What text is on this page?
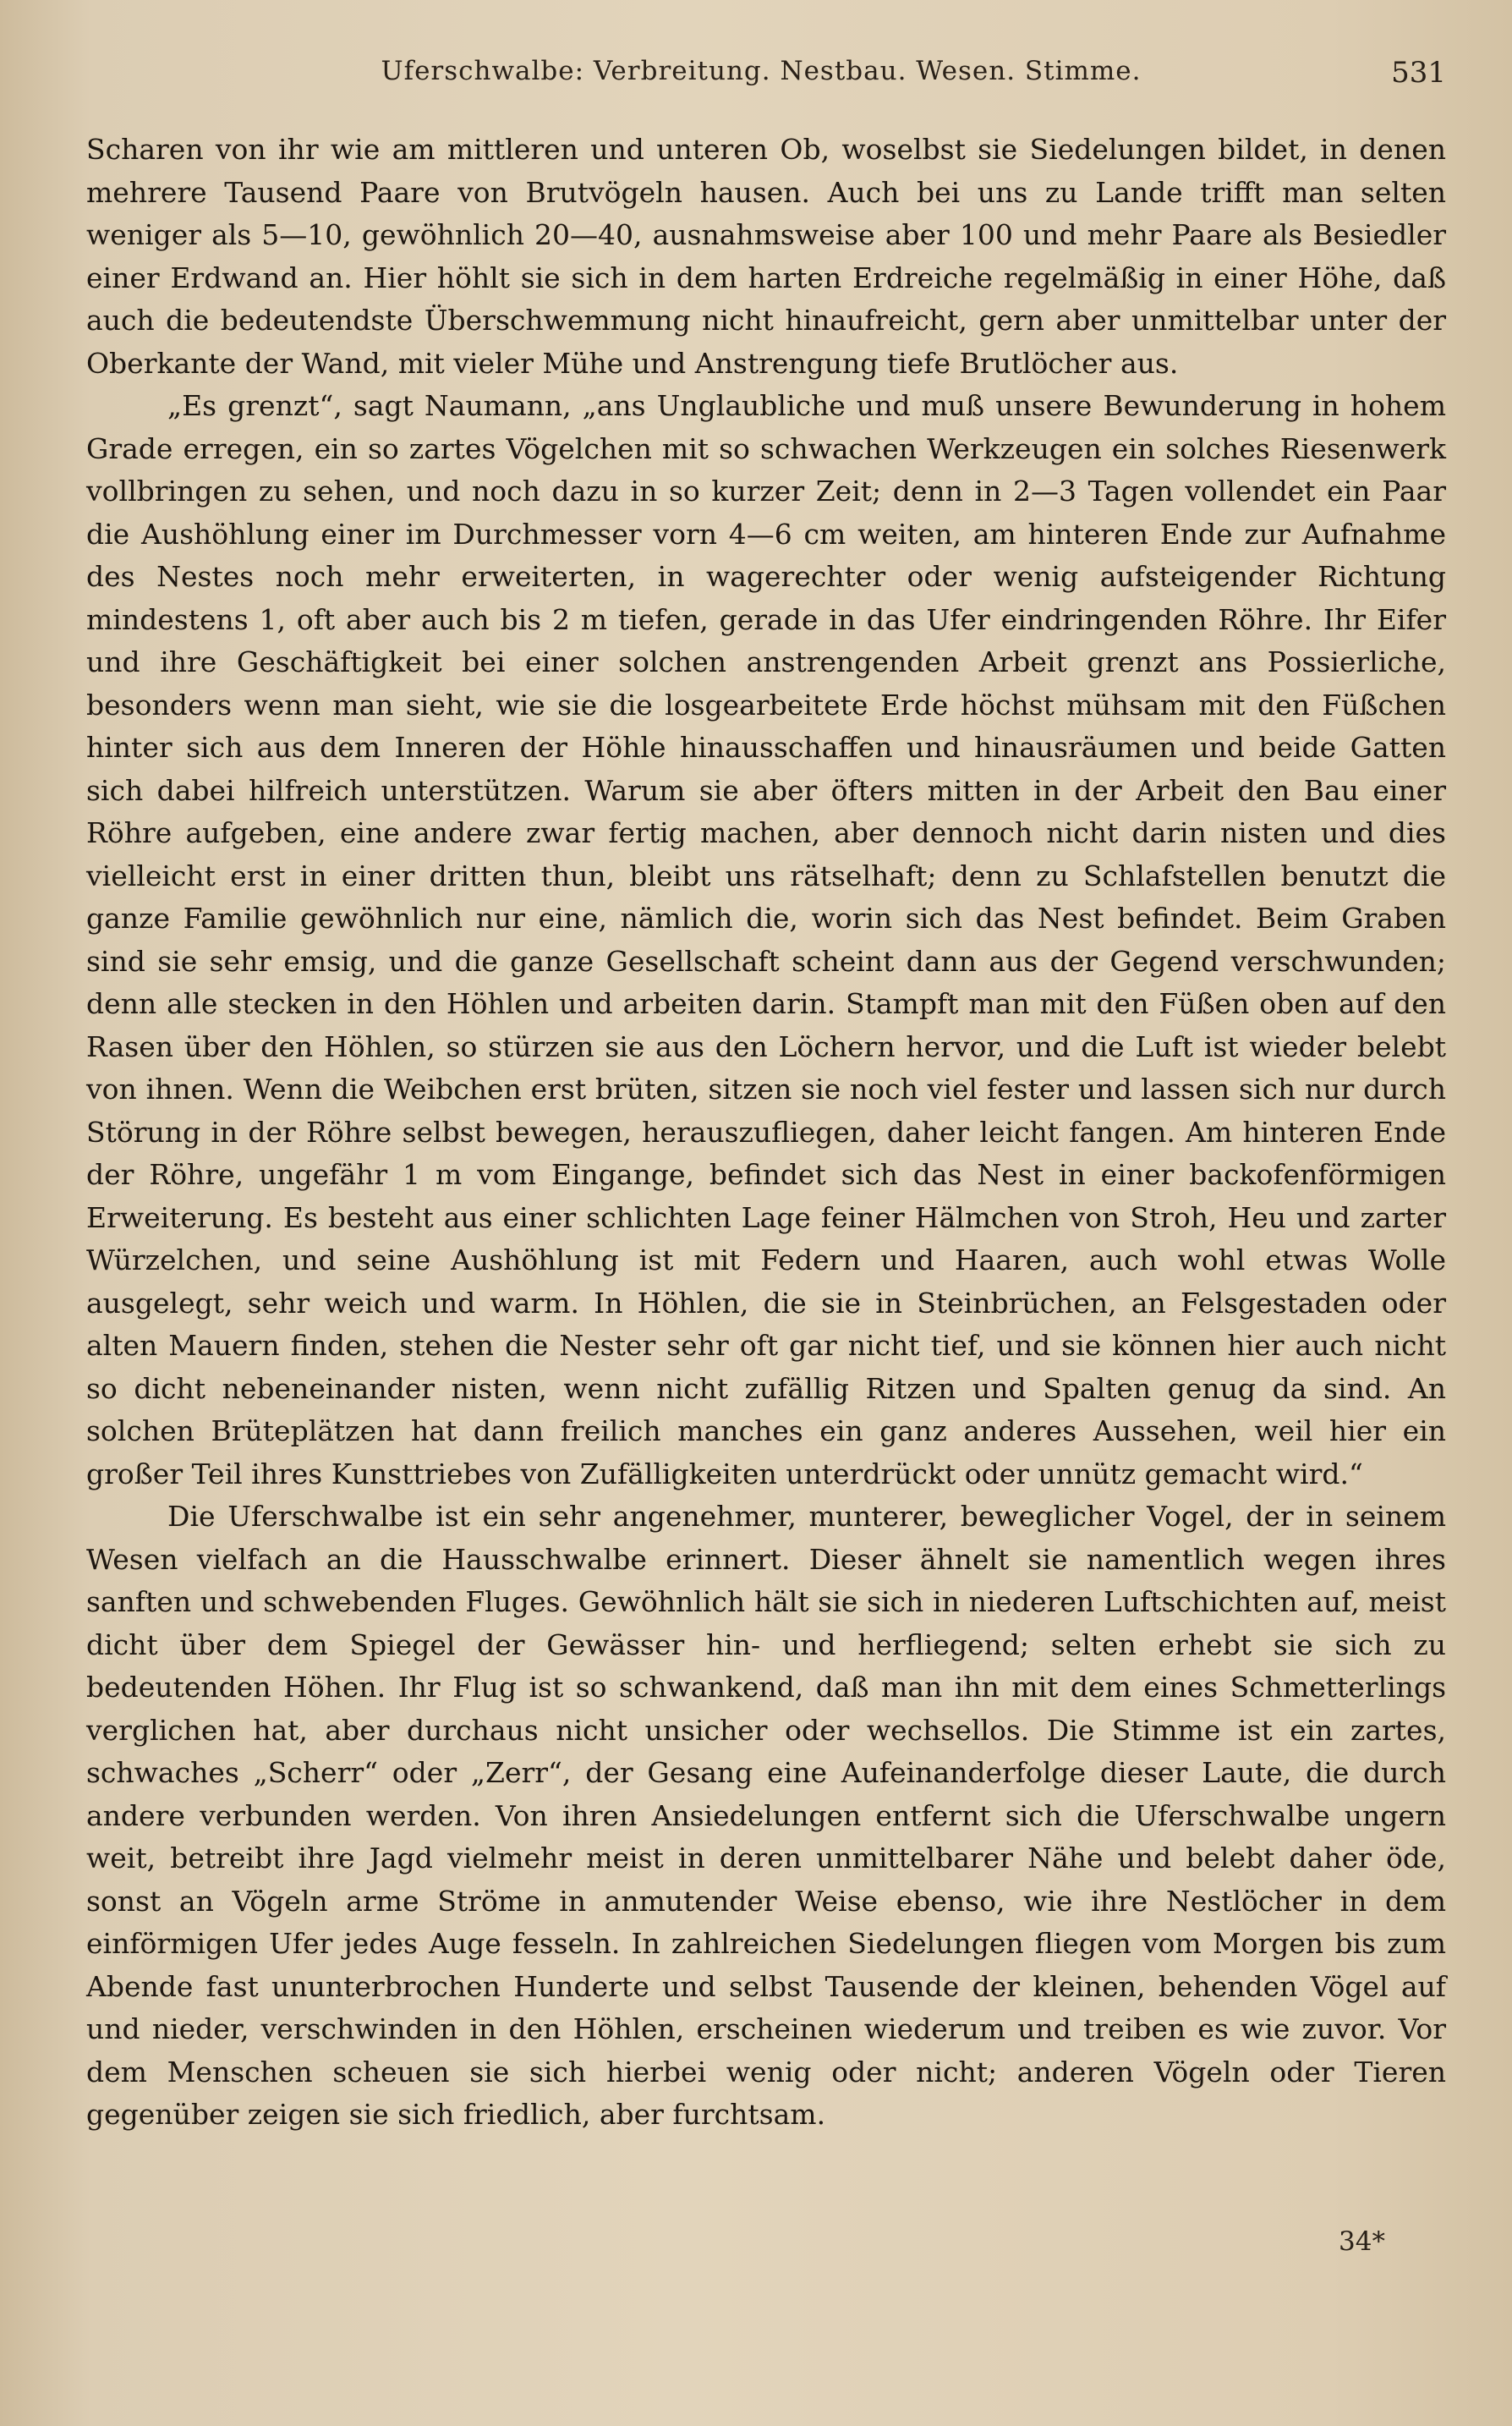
Uferschwalbe: Verbreitung. Nestbau. Wesen. Stimme.	531

Scharen von ihr wie am mittleren und unteren Ob, woselbst sie Siedelungen bildet, in denen mehrere Tausend Paare von Brutvögeln hausen. Auch bei uns zu Lande trifft man selten weniger als 5—10, gewöhnlich 20—40, ausnahmsweise aber 100 und mehr Paare als Besiedler einer Erdwand an. Hier höhlt sie sich in dem harten Erdreiche regelmäßig in einer Höhe, daß auch die bedeutendste Überschwemmung nicht hinaufreicht, gern aber unmittelbar unter der Oberkante der Wand, mit vieler Mühe und Anstrengung tiefe Brutlöcher aus.

„Es grenzt“, sagt Naumann, „ans Unglaubliche und muß unsere Bewunderung in hohem Grade erregen, ein so zartes Vögelchen mit so schwachen Werkzeugen ein solches Riesenwerk vollbringen zu sehen, und noch dazu in so kurzer Zeit; denn in 2—3 Tagen vollendet ein Paar die Aushöhlung einer im Durchmesser vorn 4—6 cm weiten, am hinteren Ende zur Aufnahme des Nestes noch mehr erweiterten, in wagerechter oder wenig aufsteigender Richtung mindestens 1, oft aber auch bis 2 m tiefen, gerade in das Ufer eindringenden Röhre. Ihr Eifer und ihre Geschäftigkeit bei einer solchen anstrengenden Arbeit grenzt ans Possierliche, besonders wenn man sieht, wie sie die losgearbeitete Erde höchst mühsam mit den Füßchen hinter sich aus dem Inneren der Höhle hinausschaffen und hinausräumen und beide Gatten sich dabei hilfreich unterstützen. Warum sie aber öfters mitten in der Arbeit den Bau einer Röhre aufgeben, eine andere zwar fertig machen, aber dennoch nicht darin nisten und dies vielleicht erst in einer dritten thun, bleibt uns rätselhaft; denn zu Schlafstellen benutzt die ganze Familie gewöhnlich nur eine, nämlich die, worin sich das Nest befindet. Beim Graben sind sie sehr emsig, und die ganze Gesellschaft scheint dann aus der Gegend verschwunden; denn alle stecken in den Höhlen und arbeiten darin. Stampft man mit den Füßen oben auf den Rasen über den Höhlen, so stürzen sie aus den Löchern hervor, und die Luft ist wieder belebt von ihnen. Wenn die Weibchen erst brüten, sitzen sie noch viel fester und lassen sich nur durch Störung in der Röhre selbst bewegen, herauszufliegen, daher leicht fangen. Am hinteren Ende der Röhre, ungefähr 1 m vom Eingange, befindet sich das Nest in einer backofenförmigen Erweiterung. Es besteht aus einer schlichten Lage feiner Hälmchen von Stroh, Heu und zarter Würzelchen, und seine Aushöhlung ist mit Federn und Haaren, auch wohl etwas Wolle ausgelegt, sehr weich und warm. In Höhlen, die sie in Steinbrüchen, an Felsgestaden oder alten Mauern finden, stehen die Nester sehr oft gar nicht tief, und sie können hier auch nicht so dicht nebeneinander nisten, wenn nicht zufällig Ritzen und Spalten genug da sind. An solchen Brüteplätzen hat dann freilich manches ein ganz anderes Aussehen, weil hier ein großer Teil ihres Kunsttriebes von Zufälligkeiten unterdrückt oder unnütz gemacht wird.“

Die Uferschwalbe ist ein sehr angenehmer, munterer, beweglicher Vogel, der in seinem Wesen vielfach an die Hausschwalbe erinnert. Dieser ähnelt sie namentlich wegen ihres sanften und schwebenden Fluges. Gewöhnlich hält sie sich in niederen Luftschichten auf, meist dicht über dem Spiegel der Gewässer hin- und herfliegend; selten erhebt sie sich zu bedeutenden Höhen. Ihr Flug ist so schwankend, daß man ihn mit dem eines Schmetterlings verglichen hat, aber durchaus nicht unsicher oder wechsellos. Die Stimme ist ein zartes, schwaches „Scherr“ oder „Zerr“, der Gesang eine Aufeinanderfolge dieser Laute, die durch andere verbunden werden. Von ihren Ansiedelungen entfernt sich die Uferschwalbe ungern weit, betreibt ihre Jagd vielmehr meist in deren unmittelbarer Nähe und belebt daher öde, sonst an Vögeln arme Ströme in anmutender Weise ebenso, wie ihre Nestlöcher in dem einförmigen Ufer jedes Auge fesseln. In zahlreichen Siedelungen fliegen vom Morgen bis zum Abende fast ununterbrochen Hunderte und selbst Tausende der kleinen, behenden Vögel auf und nieder, verschwinden in den Höhlen, erscheinen wiederum und treiben es wie zuvor. Vor dem Menschen scheuen sie sich hierbei wenig oder nicht; anderen Vögeln oder Tieren gegenüber zeigen sie sich friedlich, aber furchtsam.

34*
